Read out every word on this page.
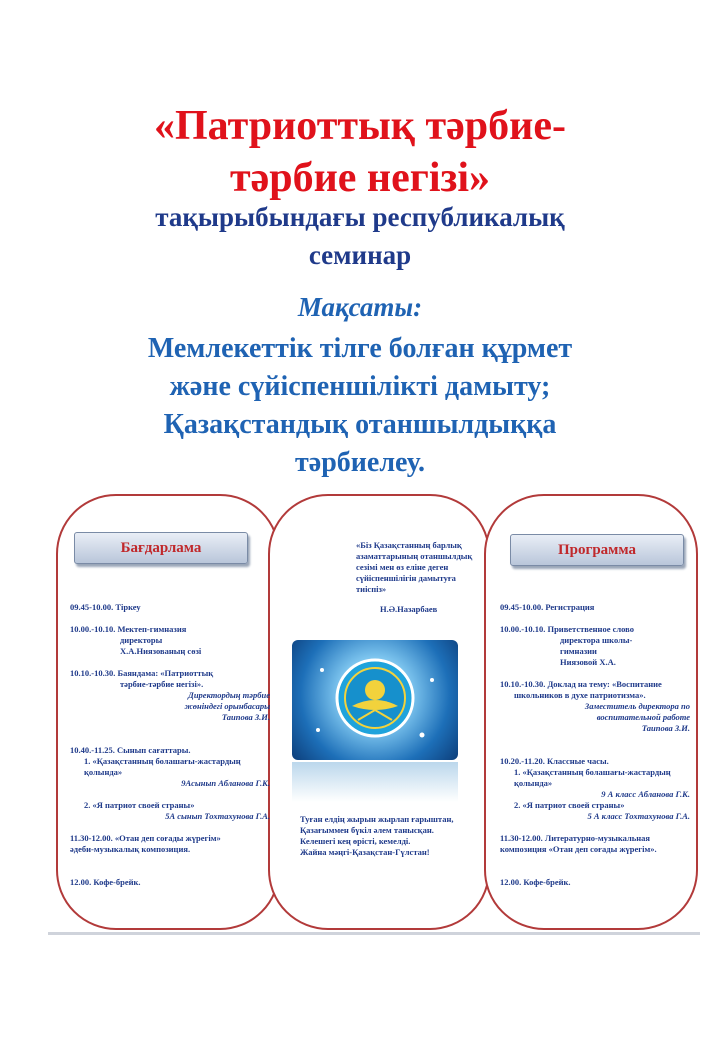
«Патриоттық тәрбие-
тәрбие негізі»
тақырыбындағы республикалық
семинар
Мақсаты:
Мемлекеттік тілге болған құрмет
және сүйіспеншілікті дамыту;
Қазақстандық отаншылдыққа
тәрбиелеу.
Бағдарлама	Программа
09.45-10.00. Тіркеу
10.00.-10.10. Мектеп-гимназия
директоры
Х.А.Ниязованың сөзі
10.10.-10.30. Баяндама: «Патриоттық
тәрбие-тәрбие негізі».
Директордың тәрбие
жөніндегі орынбасары
Таипова З.И.
10.40.-11.25. Сынып сағаттары.
1. «Қазақстанның болашағы-жастардың
қолында»
9Асынып Абланова Г.К.
2. «Я патриот своей страны»
5А сынып Тохтахунова Г.А.
11.30-12.00. «Отан деп соғады жүрегім»
әдеби-музыкалық композиция.
12.00. Кофе-брейк.
«Біз Қазақстанның барлық азаматтарының отаншылдық сезімі мен өз еліне деген сүйіспеншілігін дамытуға тиіспіз»
Н.Ә.Назарбаев
Туған елдің жырын жырлап ғарыштан,
Қазағыммен бүкіл әлем танысқан.
Келешегі кең өрісті, кемелді.
Жайна мәңгі-Қазақстан-Гүлстан!
09.45-10.00. Регистрация
10.00.-10.10. Приветственное слово
директора школы-
гимназии
Ниязовой Х.А.
10.10.-10.30. Доклад на тему: «Воспитание
школьников в духе патриотизма».
Заместитель директора по
воспитательной работе
Таипова З.И.
10.20.-11.20. Классные часы.
1. «Қазақстанның болашағы-жастардың
қолында»
9 А класс Абланова Г.К.
2. «Я патриот своей страны»
5 А класс Тохтахунова Г.А.
11.30-12.00. Литературно-музыкальная
композиция «Отан деп соғады жүрегім».
12.00. Кофе-брейк.
